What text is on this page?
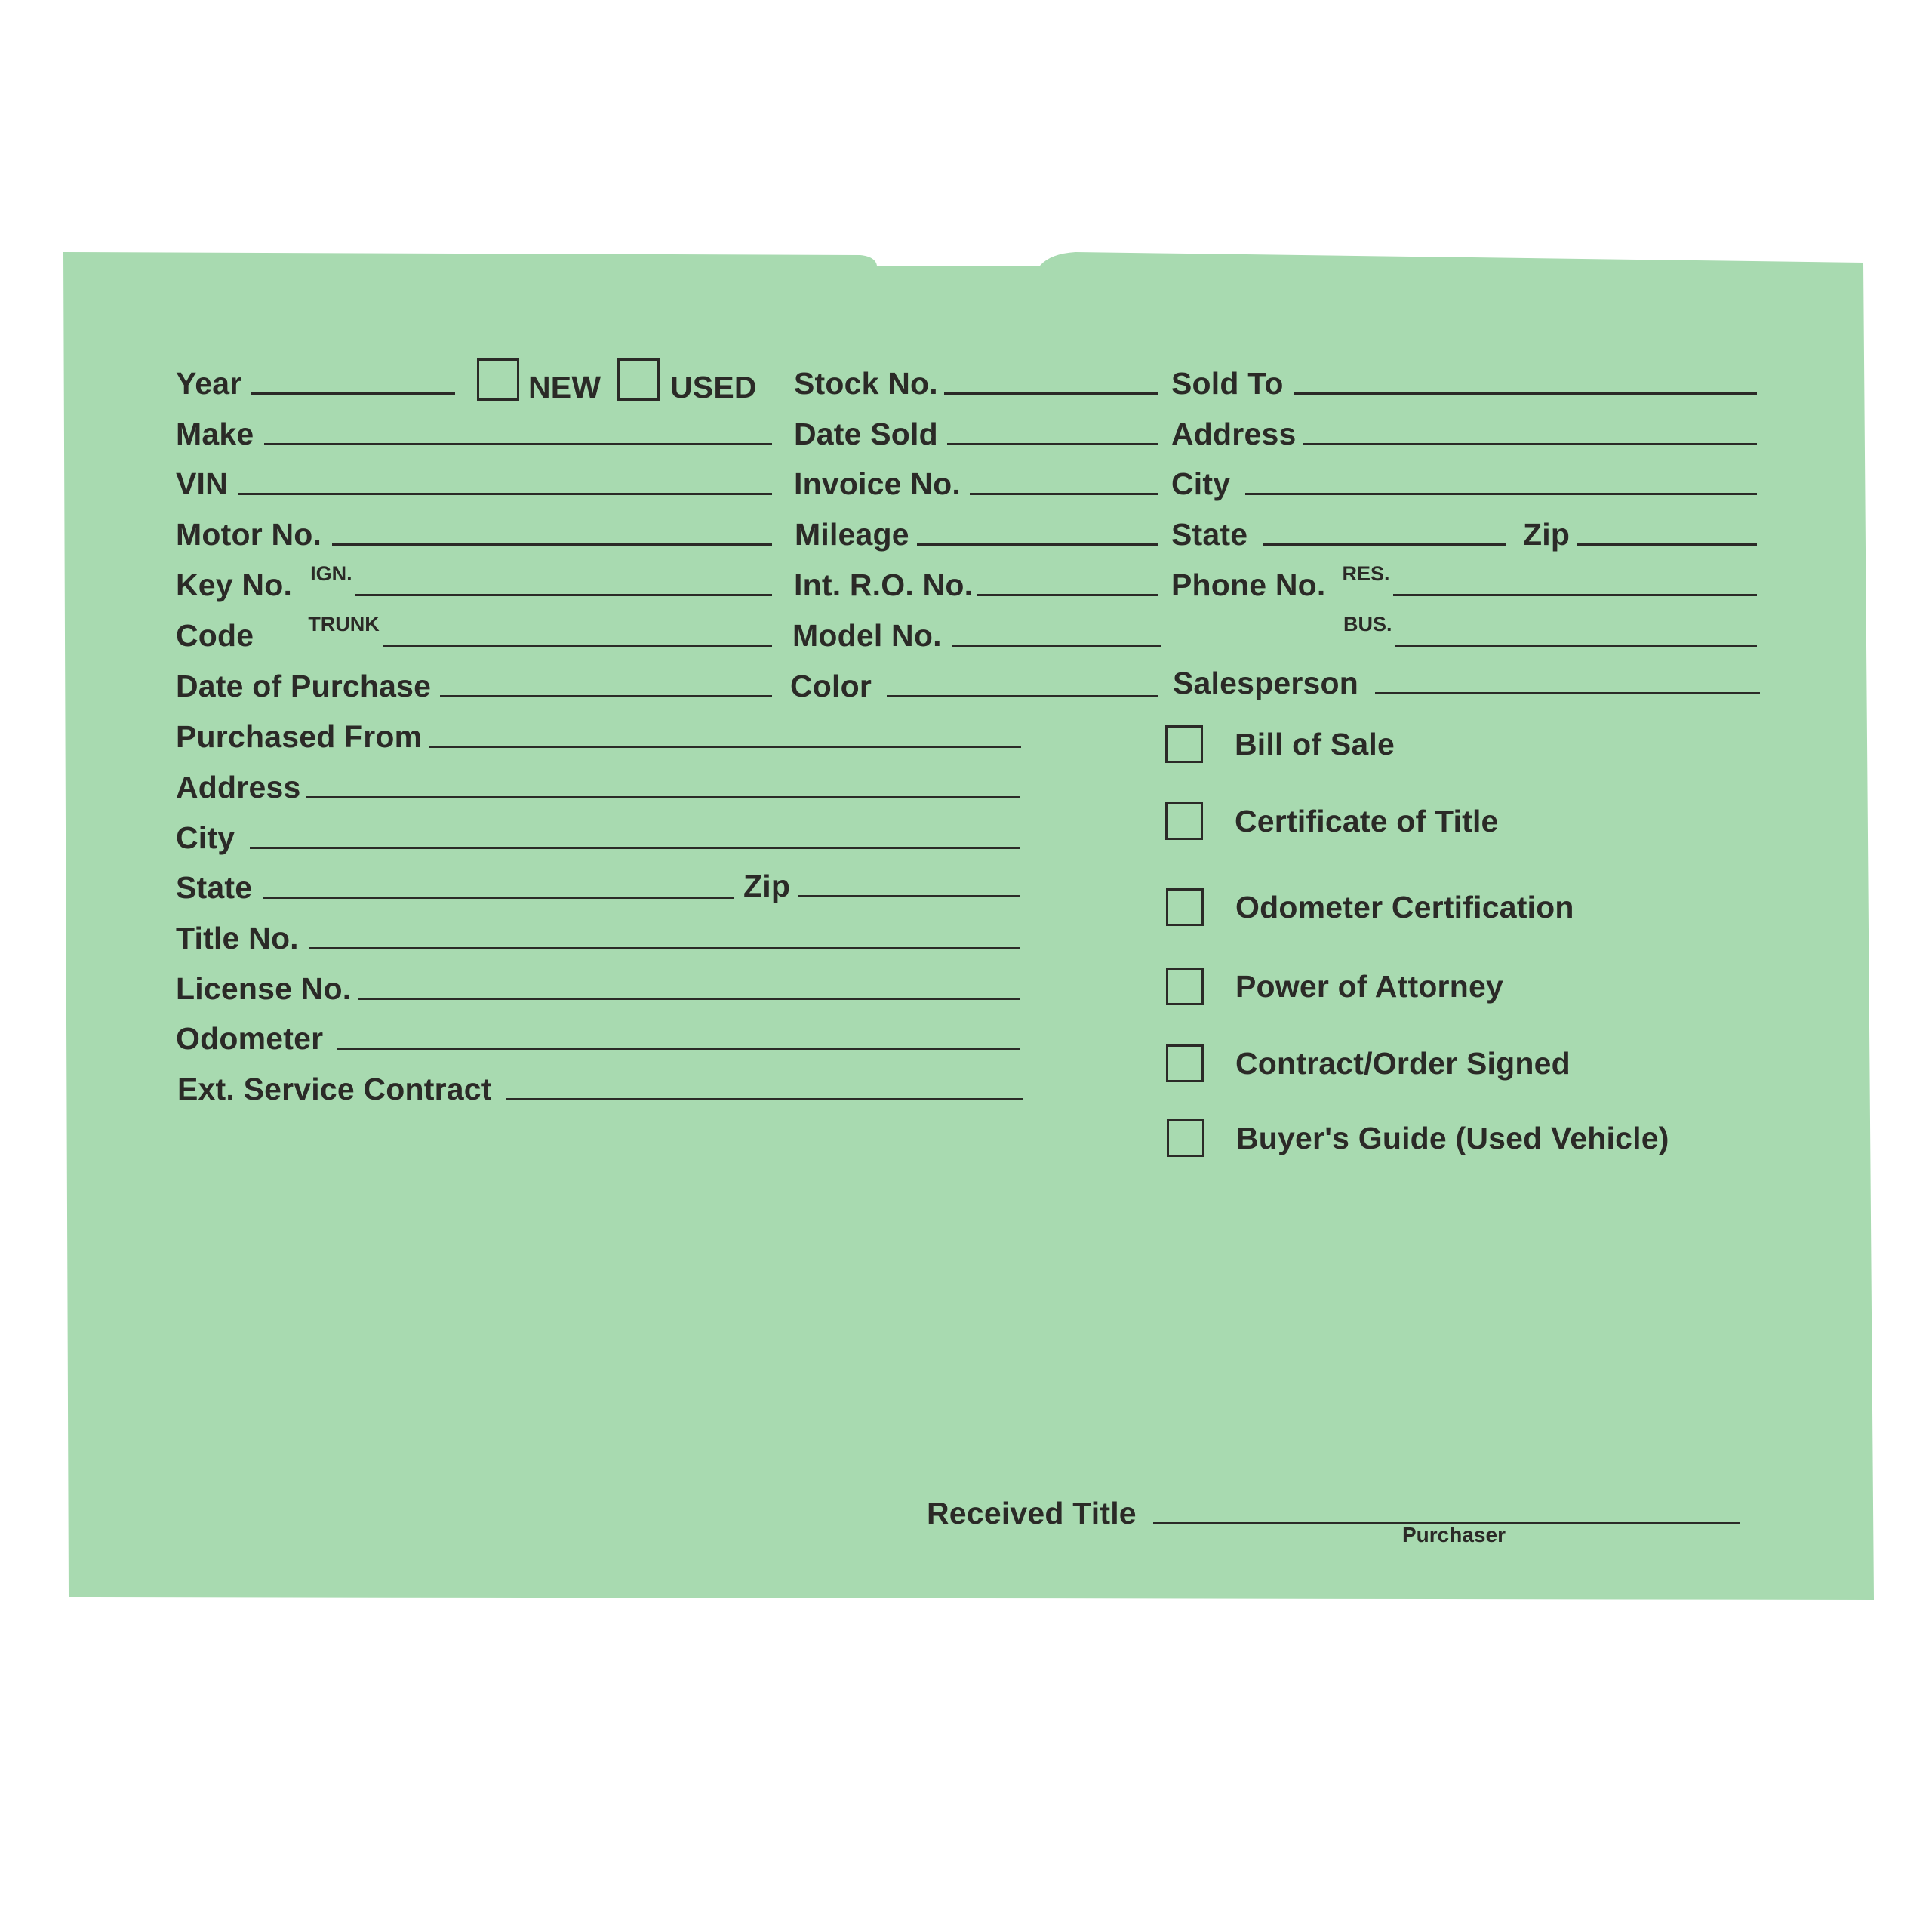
Year	NEW USED
Make
VIN
Motor No.
Key No. IGN.
Code	TRUNK
Date of Purchase
Purchased From
Address
City
State	Zip
Title No.
License No.
Odometer
Ext. Service Contract
Stock No.
Date Sold
Invoice No.
Mileage
Int. R.O. No.
Model No.
Color
Sold To
Address
City
State	Zip
Phone No. RES.
BUS.
Salesperson
Bill of Sale
Certificate of Title
Odometer Certification
Power of Attorney
Contract/Order Signed
Buyer's Guide (Used Vehicle)
Received Title
Purchaser
